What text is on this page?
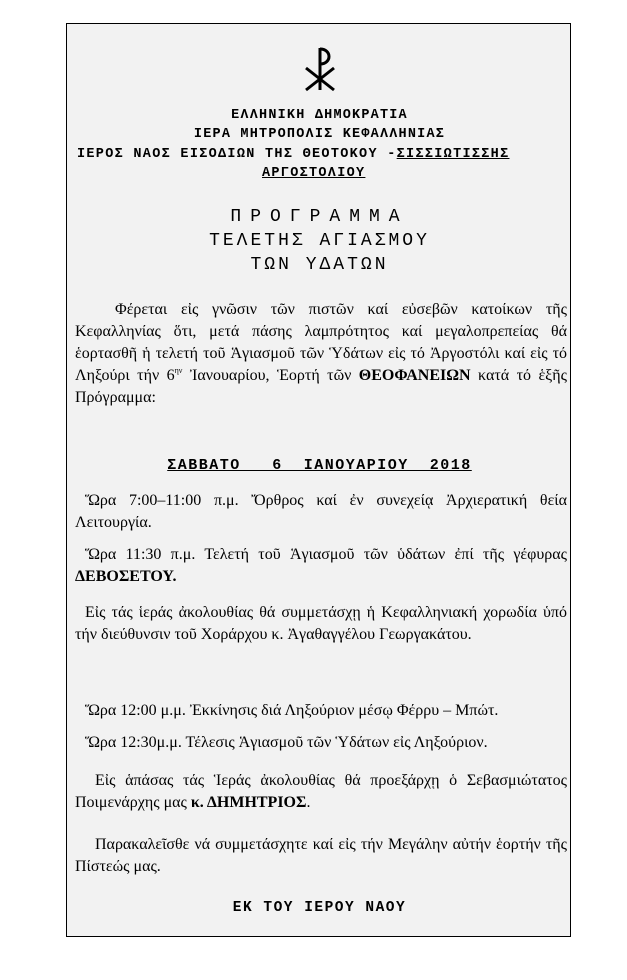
ΕΛΛΗΝΙΚΗ ΔΗΜΟΚΡΑΤΙΑ
ΙΕΡΑ ΜΗΤΡΟΠΟΛΙΣ ΚΕΦΑΛΛΗΝΙΑΣ
ΙΕΡΟΣ ΝΑΟΣ ΕΙΣΟΔΙΩΝ ΤΗΣ ΘΕΟΤΟΚΟΥ -ΣΙΣΣΙΩΤΙΣΣΗΣ
ΑΡΓΟΣΤΟΛΙΟΥ
ΠΡΟΓΡΑΜΜΑ
ΤΕΛΕΤΗΣ ΑΓΙΑΣΜΟΥ
ΤΩΝ ΥΔΑΤΩΝ
Φέρεται εἰς γνῶσιν τῶν πιστῶν καί εὐσεβῶν κατοίκων τῆς Κεφαλληνίας ὅτι, μετά πάσης λαμπρότητος καί μεγαλοπρεπείας θά ἑορτασθῆ ἡ τελετή τοῦ Ἁγιασμοῦ τῶν Ὑδάτων εἰς τό Ἀργοστόλι καί εἰς τό Ληξούρι τήν $6^{\eta\nu}$ Ἰανουαρίου, Ἑορτή τῶν ΘΕΟΦΑΝΕΙΩΝ κατά τό ἑξῆς Πρόγραμμα:
ΣΑΒΒΑΤΟ   6  ΙΑΝΟΥΑΡΙΟΥ  2018
Ὥρα 7:00–11:00 π.μ. Ὄρθρος καί ἐν συνεχείᾳ Ἀρχιερατική θεία Λειτουργία.
Ὥρα 11:30 π.μ. Τελετή τοῦ Ἁγιασμοῦ τῶν ὑδάτων ἐπί τῆς γέφυρας ΔΕΒΟΣΕΤΟΥ.
Εἰς τάς ἱεράς ἀκολουθίας θά συμμετάσχῃ ἡ Κεφαλληνιακή χορωδία ὑπό τήν διεύθυνσιν τοῦ Χοράρχου κ. Ἀγαθαγγέλου Γεωργακάτου.
Ὥρα 12:00 μ.μ. Ἐκκίνησις διά Ληξούριον μέσῳ Φέρρυ – Μπώτ.
Ὥρα 12:30μ.μ. Τέλεσις Ἁγιασμοῦ τῶν Ὑδάτων εἰς Ληξούριον.
Εἰς ἁπάσας τάς Ἱεράς ἀκολουθίας θά προεξάρχῃ ὁ Σεβασμιώτατος Ποιμενάρχης μας κ. ΔΗΜΗΤΡΙΟΣ.
Παρακαλεῖσθε νά συμμετάσχητε καί εἰς τήν Μεγάλην αὐτήν ἑορτήν τῆς Πίστεώς μας.
ΕΚ ΤΟΥ ΙΕΡΟΥ ΝΑΟΥ
